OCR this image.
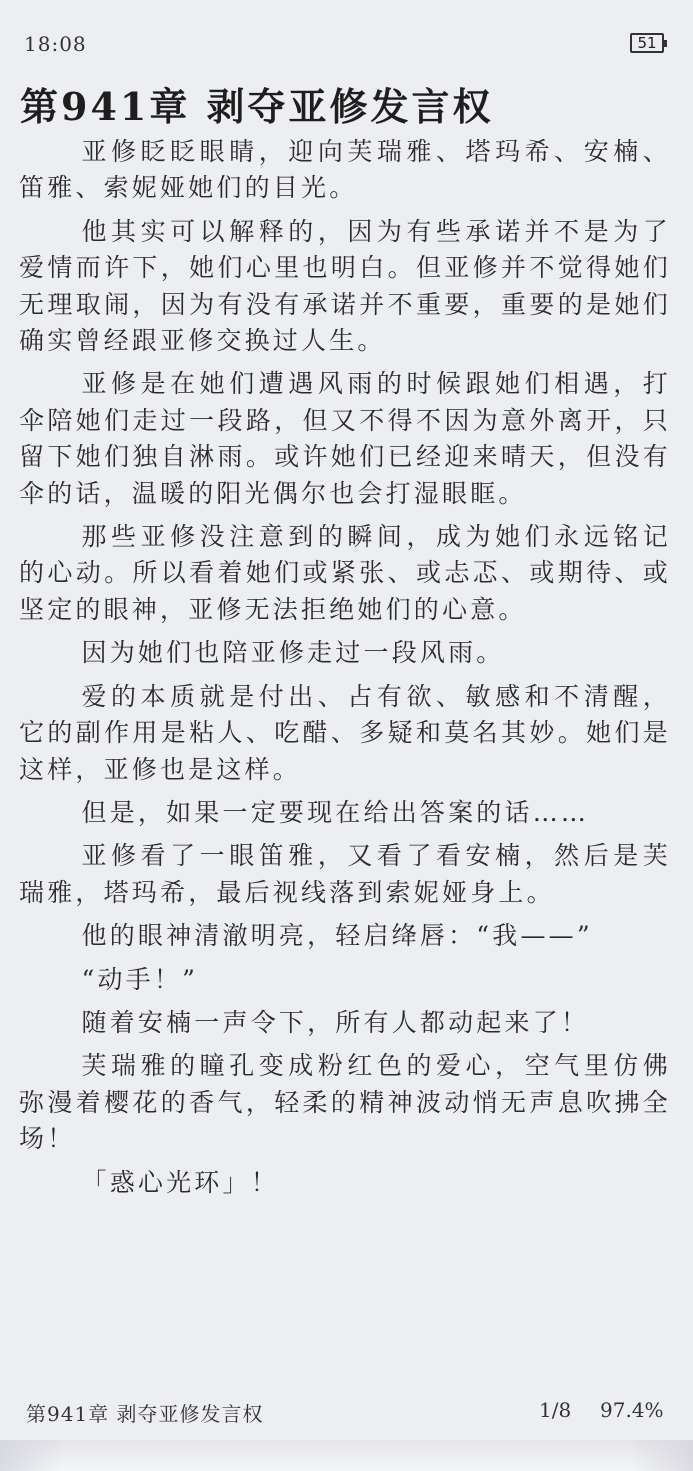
18:08	51
第941章 剥夺亚修发言权

亚修眨眨眼睛，迎向芙瑞雅、塔玛希、安楠、笛雅、索妮娅她们的目光。

他其实可以解释的，因为有些承诺并不是为了爱情而许下，她们心里也明白。但亚修并不觉得她们无理取闹，因为有没有承诺并不重要，重要的是她们确实曾经跟亚修交换过人生。

亚修是在她们遭遇风雨的时候跟她们相遇，打伞陪她们走过一段路，但又不得不因为意外离开，只留下她们独自淋雨。或许她们已经迎来晴天，但没有伞的话，温暖的阳光偶尔也会打湿眼眶。

那些亚修没注意到的瞬间，成为她们永远铭记的心动。所以看着她们或紧张、或忐忑、或期待、或坚定的眼神，亚修无法拒绝她们的心意。

因为她们也陪亚修走过一段风雨。

爱的本质就是付出、占有欲、敏感和不清醒，它的副作用是粘人、吃醋、多疑和莫名其妙。她们是这样，亚修也是这样。

但是，如果一定要现在给出答案的话……

亚修看了一眼笛雅，又看了看安楠，然后是芙瑞雅，塔玛希，最后视线落到索妮娅身上。

他的眼神清澈明亮，轻启绛唇：“我——”

“动手！”

随着安楠一声令下，所有人都动起来了！

芙瑞雅的瞳孔变成粉红色的爱心，空气里仿佛弥漫着樱花的香气，轻柔的精神波动悄无声息吹拂全场！

「惑心光环」！

第941章 剥夺亚修发言权	1/8 97.4%
